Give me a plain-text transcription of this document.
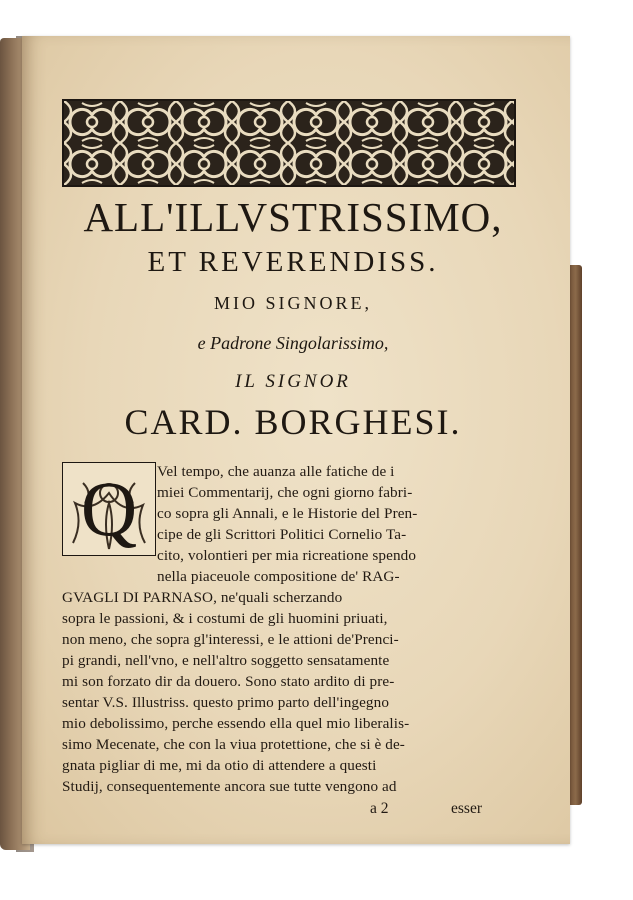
ALL'ILLVSTRISSIMO,
ET REVERENDISS.
MIO SIGNORE,
e Padrone Singolarissimo,
IL SIGNOR
CARD. BORGHESI.
Q	Vel tempo, che auanza alle fatiche de i
miei Commentarij, che ogni giorno fabri-
co sopra gli Annali, e le Historie del Pren-
cipe de gli Scrittori Politici Cornelio Ta-
cito, volontieri per mia ricreatione spendo
nella piaceuole compositione de' RAG-
GVAGLI DI PARNASO, ne'quali scherzando
sopra le passioni, & i costumi de gli huomini priuati,
non meno, che sopra gl'interessi, e le attioni de'Prenci-
pi grandi, nell'vno, e nell'altro soggetto sensatamente
mi son forzato dir da douero. Sono stato ardito di pre-
sentar V.S. Illustriss. questo primo parto dell'ingegno
mio debolissimo, perche essendo ella quel mio liberalis-
simo Mecenate, che con la viua protettione, che si è de-
gnata pigliar di me, mi da otio di attendere a questi
Studij, consequentemente ancora sue tutte vengono ad
a 2	esser
